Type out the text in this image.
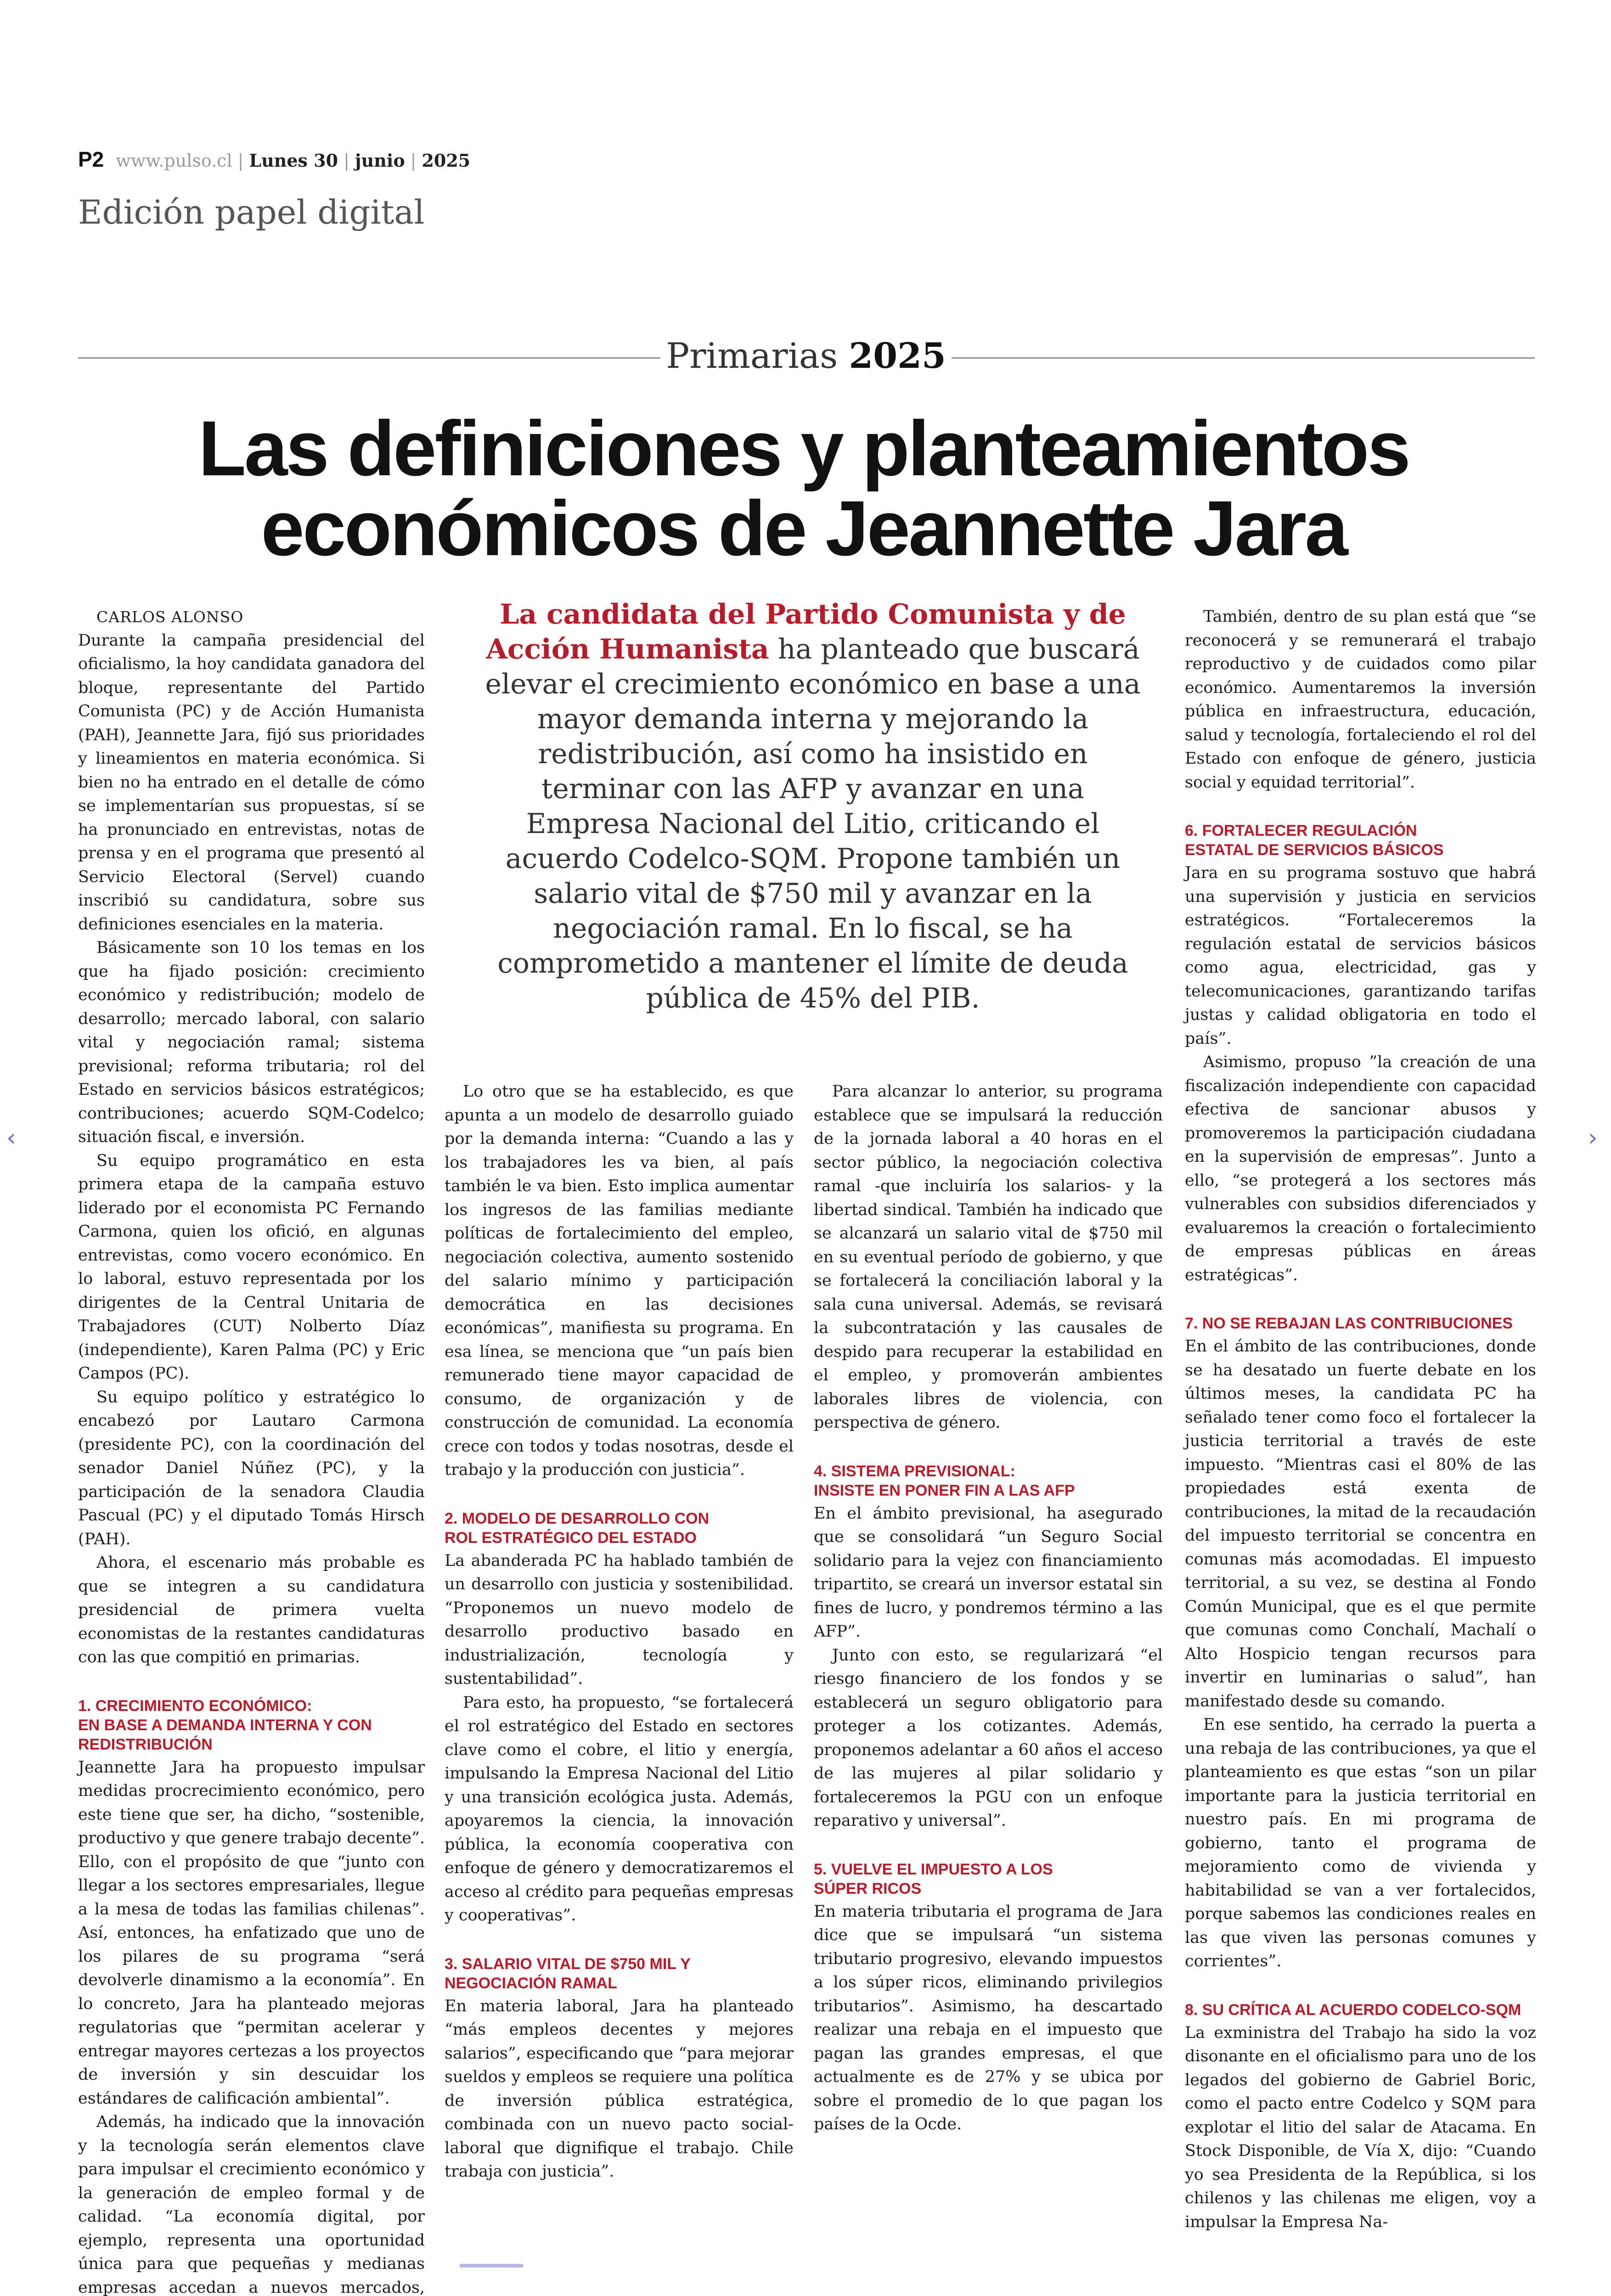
P2 www.pulso.cl | Lunes 30 | junio | 2025
Edición papel digital
Primarias 2025
Las definiciones y planteamientos económicos de Jeannette Jara
La candidata del Partido Comunista y de Acción Humanista ha planteado que buscará elevar el crecimiento económico en base a una mayor demanda interna y mejorando la redistribución, así como ha insistido en terminar con las AFP y avanzar en una Empresa Nacional del Litio, criticando el acuerdo Codelco-SQM. Propone también un salario vital de $750 mil y avanzar en la negociación ramal. En lo fiscal, se ha comprometido a mantener el límite de deuda pública de 45% del PIB.

CARLOS ALONSO

Durante la campaña presidencial del oficialismo, la hoy candidata ganadora del bloque, representante del Partido Comunista (PC) y de Acción Humanista (PAH), Jeannette Jara, fijó sus prioridades y lineamientos en materia económica. Si bien no ha entrado en el detalle de cómo se implementarían sus propuestas, sí se ha pronunciado en entrevistas, notas de prensa y en el programa que presentó al Servicio Electoral (Servel) cuando inscribió su candidatura, sobre sus definiciones esenciales en la materia.

Básicamente son 10 los temas en los que ha fijado posición: crecimiento económico y redistribución; modelo de desarrollo; mercado laboral, con salario vital y negociación ramal; sistema previsional; reforma tributaria; rol del Estado en servicios básicos estratégicos; contribuciones; acuerdo SQM-Codelco; situación fiscal, e inversión.

Su equipo programático en esta primera etapa de la campaña estuvo liderado por el economista PC Fernando Carmona, quien los ofició, en algunas entrevistas, como vocero económico. En lo laboral, estuvo representada por los dirigentes de la Central Unitaria de Trabajadores (CUT) Nolberto Díaz (independiente), Karen Palma (PC) y Eric Campos (PC).

Su equipo político y estratégico lo encabezó por Lautaro Carmona (presidente PC), con la coordinación del senador Daniel Núñez (PC), y la participación de la senadora Claudia Pascual (PC) y el diputado Tomás Hirsch (PAH).

Ahora, el escenario más probable es que se integren a su candidatura presidencial de primera vuelta economistas de la restantes candidaturas con las que compitió en primarias.

1. CRECIMIENTO ECONÓMICO:
EN BASE A DEMANDA INTERNA Y CON REDISTRIBUCIÓN

Jeannette Jara ha propuesto impulsar medidas procrecimiento económico, pero este tiene que ser, ha dicho, “sostenible, productivo y que genere trabajo decente”. Ello, con el propósito de que “junto con llegar a los sectores empresariales, llegue a la mesa de todas las familias chilenas”. Así, entonces, ha enfatizado que uno de los pilares de su programa “será devolverle dinamismo a la economía”. En lo concreto, Jara ha planteado mejoras regulatorias que “permitan acelerar y entregar mayores certezas a los proyectos de inversión y sin descuidar los estándares de calificación ambiental”.

Además, ha indicado que la innovación y la tecnología serán elementos clave para impulsar el crecimiento económico y la generación de empleo formal y de calidad. “La economía digital, por ejemplo, representa una oportunidad única para que pequeñas y medianas empresas accedan a nuevos mercados,

Lo otro que se ha establecido, es que apunta a un modelo de desarrollo guiado por la demanda interna: “Cuando a las y los trabajadores les va bien, al país también le va bien. Esto implica aumentar los ingresos de las familias mediante políticas de fortalecimiento del empleo, negociación colectiva, aumento sostenido del salario mínimo y participación democrática en las decisiones económicas”, manifiesta su programa. En esa línea, se menciona que “un país bien remunerado tiene mayor capacidad de consumo, de organización y de construcción de comunidad. La economía crece con todos y todas nosotras, desde el trabajo y la producción con justicia”.

2. MODELO DE DESARROLLO CON
ROL ESTRATÉGICO DEL ESTADO

La abanderada PC ha hablado también de un desarrollo con justicia y sostenibilidad. “Proponemos un nuevo modelo de desarrollo productivo basado en industrialización, tecnología y sustentabilidad”.

Para esto, ha propuesto, “se fortalecerá el rol estratégico del Estado en sectores clave como el cobre, el litio y energía, impulsando la Empresa Nacional del Litio y una transición ecológica justa. Además, apoyaremos la ciencia, la innovación pública, la economía cooperativa con enfoque de género y democratizaremos el acceso al crédito para pequeñas empresas y cooperativas”.

3. SALARIO VITAL DE $750 MIL Y
NEGOCIACIÓN RAMAL

En materia laboral, Jara ha planteado “más empleos decentes y mejores salarios”, especificando que “para mejorar sueldos y empleos se requiere una política de inversión pública estratégica, combinada con un nuevo pacto social-laboral que dignifique el trabajo. Chile trabaja con justicia”.

Para alcanzar lo anterior, su programa establece que se impulsará la reducción de la jornada laboral a 40 horas en el sector público, la negociación colectiva ramal -que incluiría los salarios- y la libertad sindical. También ha indicado que se alcanzará un salario vital de $750 mil en su eventual período de gobierno, y que se fortalecerá la conciliación laboral y la sala cuna universal. Además, se revisará la subcontratación y las causales de despido para recuperar la estabilidad en el empleo, y promoverán ambientes laborales libres de violencia, con perspectiva de género.

4. SISTEMA PREVISIONAL:
INSISTE EN PONER FIN A LAS AFP

En el ámbito previsional, ha asegurado que se consolidará “un Seguro Social solidario para la vejez con financiamiento tripartito, se creará un inversor estatal sin fines de lucro, y pondremos término a las AFP”.

Junto con esto, se regularizará “el riesgo financiero de los fondos y se establecerá un seguro obligatorio para proteger a los cotizantes. Además, proponemos adelantar a 60 años el acceso de las mujeres al pilar solidario y fortaleceremos la PGU con un enfoque reparativo y universal”.

5. VUELVE EL IMPUESTO A LOS
SÚPER RICOS

En materia tributaria el programa de Jara dice que se impulsará “un sistema tributario progresivo, elevando impuestos a los súper ricos, eliminando privilegios tributarios”. Asimismo, ha descartado realizar una rebaja en el impuesto que pagan las grandes empresas, el que actualmente es de 27% y se ubica por sobre el promedio de lo que pagan los países de la Ocde.

También, dentro de su plan está que “se reconocerá y se remunerará el trabajo reproductivo y de cuidados como pilar económico. Aumentaremos la inversión pública en infraestructura, educación, salud y tecnología, fortaleciendo el rol del Estado con enfoque de género, justicia social y equidad territorial”.

6. FORTALECER REGULACIÓN
ESTATAL DE SERVICIOS BÁSICOS

Jara en su programa sostuvo que habrá una supervisión y justicia en servicios estratégicos. “Fortaleceremos la regulación estatal de servicios básicos como agua, electricidad, gas y telecomunicaciones, garantizando tarifas justas y calidad obligatoria en todo el país”.

Asimismo, propuso ”la creación de una fiscalización independiente con capacidad efectiva de sancionar abusos y promoveremos la participación ciudadana en la supervisión de empresas”. Junto a ello, “se protegerá a los sectores más vulnerables con subsidios diferenciados y evaluaremos la creación o fortalecimiento de empresas públicas en áreas estratégicas”.

7. NO SE REBAJAN LAS CONTRIBUCIONES

En el ámbito de las contribuciones, donde se ha desatado un fuerte debate en los últimos meses, la candidata PC ha señalado tener como foco el fortalecer la justicia territorial a través de este impuesto. “Mientras casi el 80% de las propiedades está exenta de contribuciones, la mitad de la recaudación del impuesto territorial se concentra en comunas más acomodadas. El impuesto territorial, a su vez, se destina al Fondo Común Municipal, que es el que permite que comunas como Conchalí, Machalí o Alto Hospicio tengan recursos para invertir en luminarias o salud”, han manifestado desde su comando.

En ese sentido, ha cerrado la puerta a una rebaja de las contribuciones, ya que el planteamiento es que estas “son un pilar importante para la justicia territorial en nuestro país. En mi programa de gobierno, tanto el programa de mejoramiento como de vivienda y habitabilidad se van a ver fortalecidos, porque sabemos las condiciones reales en las que viven las personas comunes y corrientes”.

8. SU CRÍTICA AL ACUERDO CODELCO-SQM

La exministra del Trabajo ha sido la voz disonante en el oficialismo para uno de los legados del gobierno de Gabriel Boric, como el pacto entre Codelco y SQM para explotar el litio del salar de Atacama. En Stock Disponible, de Vía X, dijo: “Cuando yo sea Presidenta de la República, si los chilenos y las chilenas me eligen, voy a impulsar la Empresa Na-

‹	›
